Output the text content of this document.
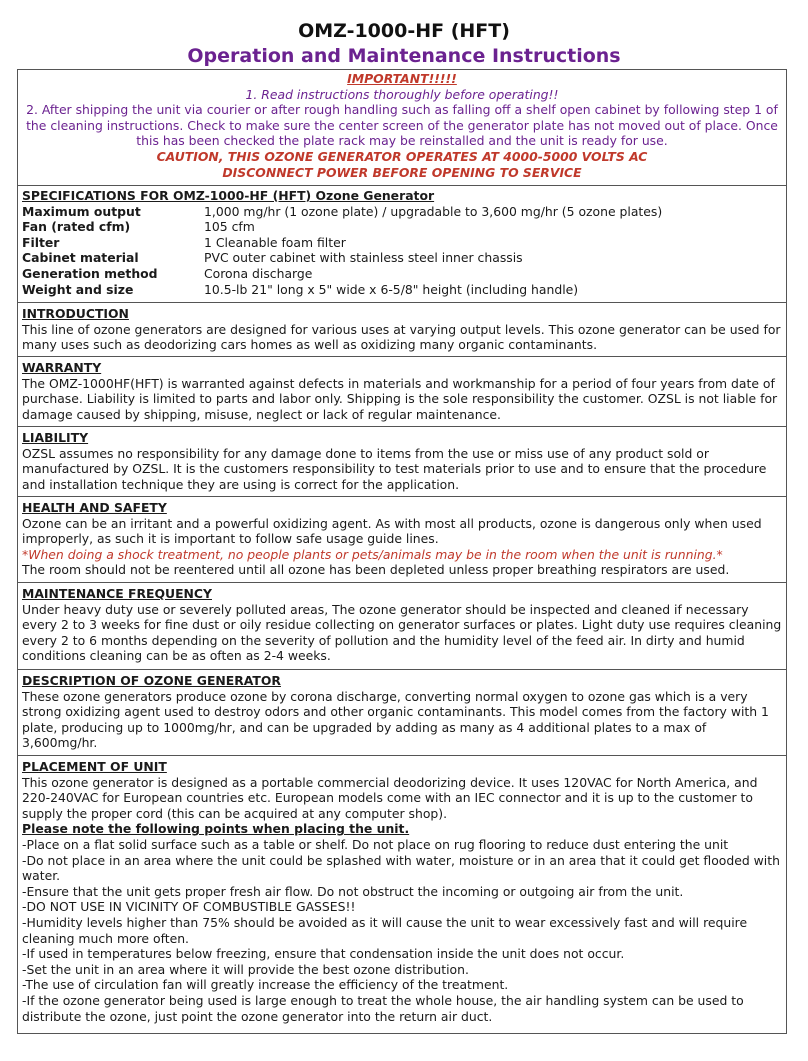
OMZ-1000-HF (HFT)
Operation and Maintenance Instructions

IMPORTANT!!!!!

1. Read instructions thoroughly before operating!!

2. After shipping the unit via courier or after rough handling such as falling off a shelf open cabinet by following step 1 of the cleaning instructions. Check to make sure the center screen of the generator plate has not moved out of place. Once this has been checked the plate rack may be reinstalled and the unit is ready for use.

CAUTION, THIS OZONE GENERATOR OPERATES AT 4000-5000 VOLTS AC

DISCONNECT POWER BEFORE OPENING TO SERVICE

SPECIFICATIONS FOR OMZ-1000-HF (HFT) Ozone Generator

Maximum output	1,000 mg/hr (1 ozone plate) / upgradable to 3,600 mg/hr (5 ozone plates)
Fan (rated cfm)	105 cfm
Filter	1 Cleanable foam filter
Cabinet material	PVC outer cabinet with stainless steel inner chassis
Generation method	Corona discharge
Weight and size	10.5-lb 21" long x 5" wide x 6-5/8" height (including handle)

INTRODUCTION

This line of ozone generators are designed for various uses at varying output levels. This ozone generator can be used for many uses such as deodorizing cars homes as well as oxidizing many organic contaminants.

WARRANTY

The OMZ-1000HF(HFT) is warranted against defects in materials and workmanship for a period of four years from date of purchase. Liability is limited to parts and labor only. Shipping is the sole responsibility the customer. OZSL is not liable for damage caused by shipping, misuse, neglect or lack of regular maintenance.

LIABILITY

OZSL assumes no responsibility for any damage done to items from the use or miss use of any product sold or manufactured by OZSL. It is the customers responsibility to test materials prior to use and to ensure that the procedure and installation technique they are using is correct for the application.

HEALTH AND SAFETY

Ozone can be an irritant and a powerful oxidizing agent. As with most all products, ozone is dangerous only when used improperly, as such it is important to follow safe usage guide lines.

*When doing a shock treatment, no people plants or pets/animals may be in the room when the unit is running.*

The room should not be reentered until all ozone has been depleted unless proper breathing respirators are used.

MAINTENANCE FREQUENCY

Under heavy duty use or severely polluted areas, The ozone generator should be inspected and cleaned if necessary every 2 to 3 weeks for fine dust or oily residue collecting on generator surfaces or plates. Light duty use requires cleaning every 2 to 6 months depending on the severity of pollution and the humidity level of the feed air. In dirty and humid conditions cleaning can be as often as 2-4 weeks.

DESCRIPTION OF OZONE GENERATOR

These ozone generators produce ozone by corona discharge, converting normal oxygen to ozone gas which is a very strong oxidizing agent used to destroy odors and other organic contaminants. This model comes from the factory with 1 plate, producing up to 1000mg/hr, and can be upgraded by adding as many as 4 additional plates to a max of 3,600mg/hr.

PLACEMENT OF UNIT

This ozone generator is designed as a portable commercial deodorizing device. It uses 120VAC for North America, and 220-240VAC for European countries etc. European models come with an IEC connector and it is up to the customer to supply the proper cord (this can be acquired at any computer shop).

Please note the following points when placing the unit.

-Place on a flat solid surface such as a table or shelf. Do not place on rug flooring to reduce dust entering the unit

-Do not place in an area where the unit could be splashed with water, moisture or in an area that it could get flooded with water.

-Ensure that the unit gets proper fresh air flow. Do not obstruct the incoming or outgoing air from the unit.

-DO NOT USE IN VICINITY OF COMBUSTIBLE GASSES!!

-Humidity levels higher than 75% should be avoided as it will cause the unit to wear excessively fast and will require cleaning much more often.

-If used in temperatures below freezing, ensure that condensation inside the unit does not occur.

-Set the unit in an area where it will provide the best ozone distribution.

-The use of circulation fan will greatly increase the efficiency of the treatment.

-If the ozone generator being used is large enough to treat the whole house, the air handling system can be used to distribute the ozone, just point the ozone generator into the return air duct.
